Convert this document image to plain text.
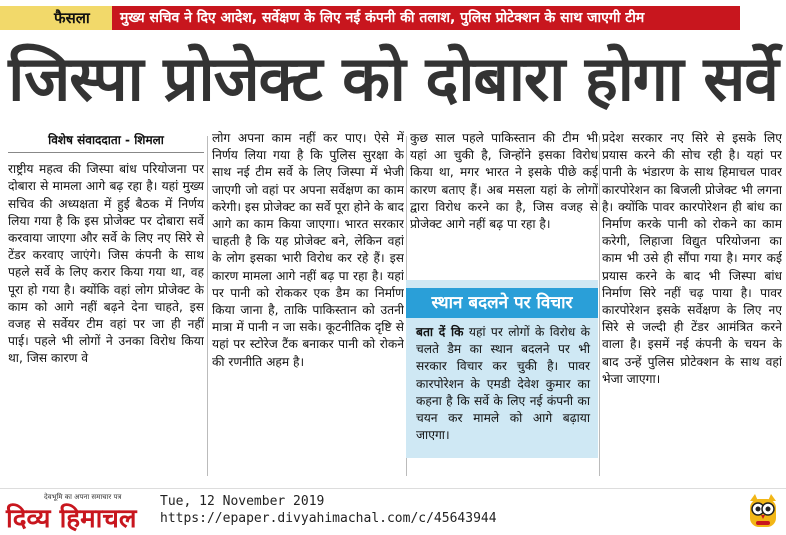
फैसला	मुख्य सचिव ने दिए आदेश, सर्वेक्षण के लिए नई कंपनी की तलाश, पुलिस प्रोटेक्शन के साथ जाएगी टीम
जिस्पा प्रोजेक्ट को दोबारा होगा सर्वे
विशेष संवाददाता - शिमला

राष्ट्रीय महत्व की जिस्पा बांध परियोजना पर दोबारा से मामला आगे बढ़ रहा है। यहां मुख्य सचिव की अध्यक्षता में हुई बैठक में निर्णय लिया गया है कि इस प्रोजेक्ट पर दोबारा सर्वे करवाया जाएगा और सर्वे के लिए नए सिरे से टेंडर करवाए जाएंगे। जिस कंपनी के साथ पहले सर्वे के लिए करार किया गया था, वह पूरा हो गया है। क्योंकि वहां लोग प्रोजेक्ट के काम को आगे नहीं बढ़ने देना चाहते, इस वजह से सर्वेयर टीम वहां पर जा ही नहीं पाई। पहले भी लोगों ने उनका विरोध किया था, जिस कारण वे

लोग अपना काम नहीं कर पाए। ऐसे में निर्णय लिया गया है कि पुलिस सुरक्षा के साथ नई टीम सर्वे के लिए जिस्पा में भेजी जाएगी जो वहां पर अपना सर्वेक्षण का काम करेगी। इस प्रोजेक्ट का सर्वे पूरा होने के बाद आगे का काम किया जाएगा। भारत सरकार चाहती है कि यह प्रोजेक्ट बने, लेकिन वहां के लोग इसका भारी विरोध कर रहे हैं। इस कारण मामला आगे नहीं बढ़ पा रहा है। यहां पर पानी को रोककर एक डैम का निर्माण किया जाना है, ताकि पाकिस्तान को उतनी मात्रा में पानी न जा सके। कूटनीतिक दृष्टि से यहां पर स्टोरेज टैंक बनाकर पानी को रोकने की रणनीति अहम है।

कुछ साल पहले पाकिस्तान की टीम भी यहां आ चुकी है, जिन्होंने इसका विरोध किया था, मगर भारत ने इसके पीछे कई कारण बताए हैं। अब मसला यहां के लोगों द्वारा विरोध करने का है, जिस वजह से प्रोजेक्ट आगे नहीं बढ़ पा रहा है।

स्थान बदलने पर विचार
बता दें कि यहां पर लोगों के विरोध के चलते डैम का स्थान बदलने पर भी सरकार विचार कर चुकी है। पावर कारपोरेशन के एमडी देवेश कुमार का कहना है कि सर्वे के लिए नई कंपनी का चयन कर मामले को आगे बढ़ाया जाएगा।

प्रदेश सरकार नए सिरे से इसके लिए प्रयास करने की सोच रही है। यहां पर पानी के भंडारण के साथ हिमाचल पावर कारपोरेशन का बिजली प्रोजेक्ट भी लगना है। क्योंकि पावर कारपोरेशन ही बांध का निर्माण करके पानी को रोकने का काम करेगी, लिहाजा विद्युत परियोजना का काम भी उसे ही सौंपा गया है। मगर कई प्रयास करने के बाद भी जिस्पा बांध निर्माण सिरे नहीं चढ़ पाया है। पावर कारपोरेशन इसके सर्वेक्षण के लिए नए सिरे से जल्दी ही टेंडर आमंत्रित करने वाला है। इसमें नई कंपनी के चयन के बाद उन्हें पुलिस प्रोटेक्शन के साथ वहां भेजा जाएगा।

देवभूमि का अपना समाचार पत्र
दिव्य हिमाचल
Tue, 12 November 2019
https://epaper.divyahimachal.com/c/45643944
